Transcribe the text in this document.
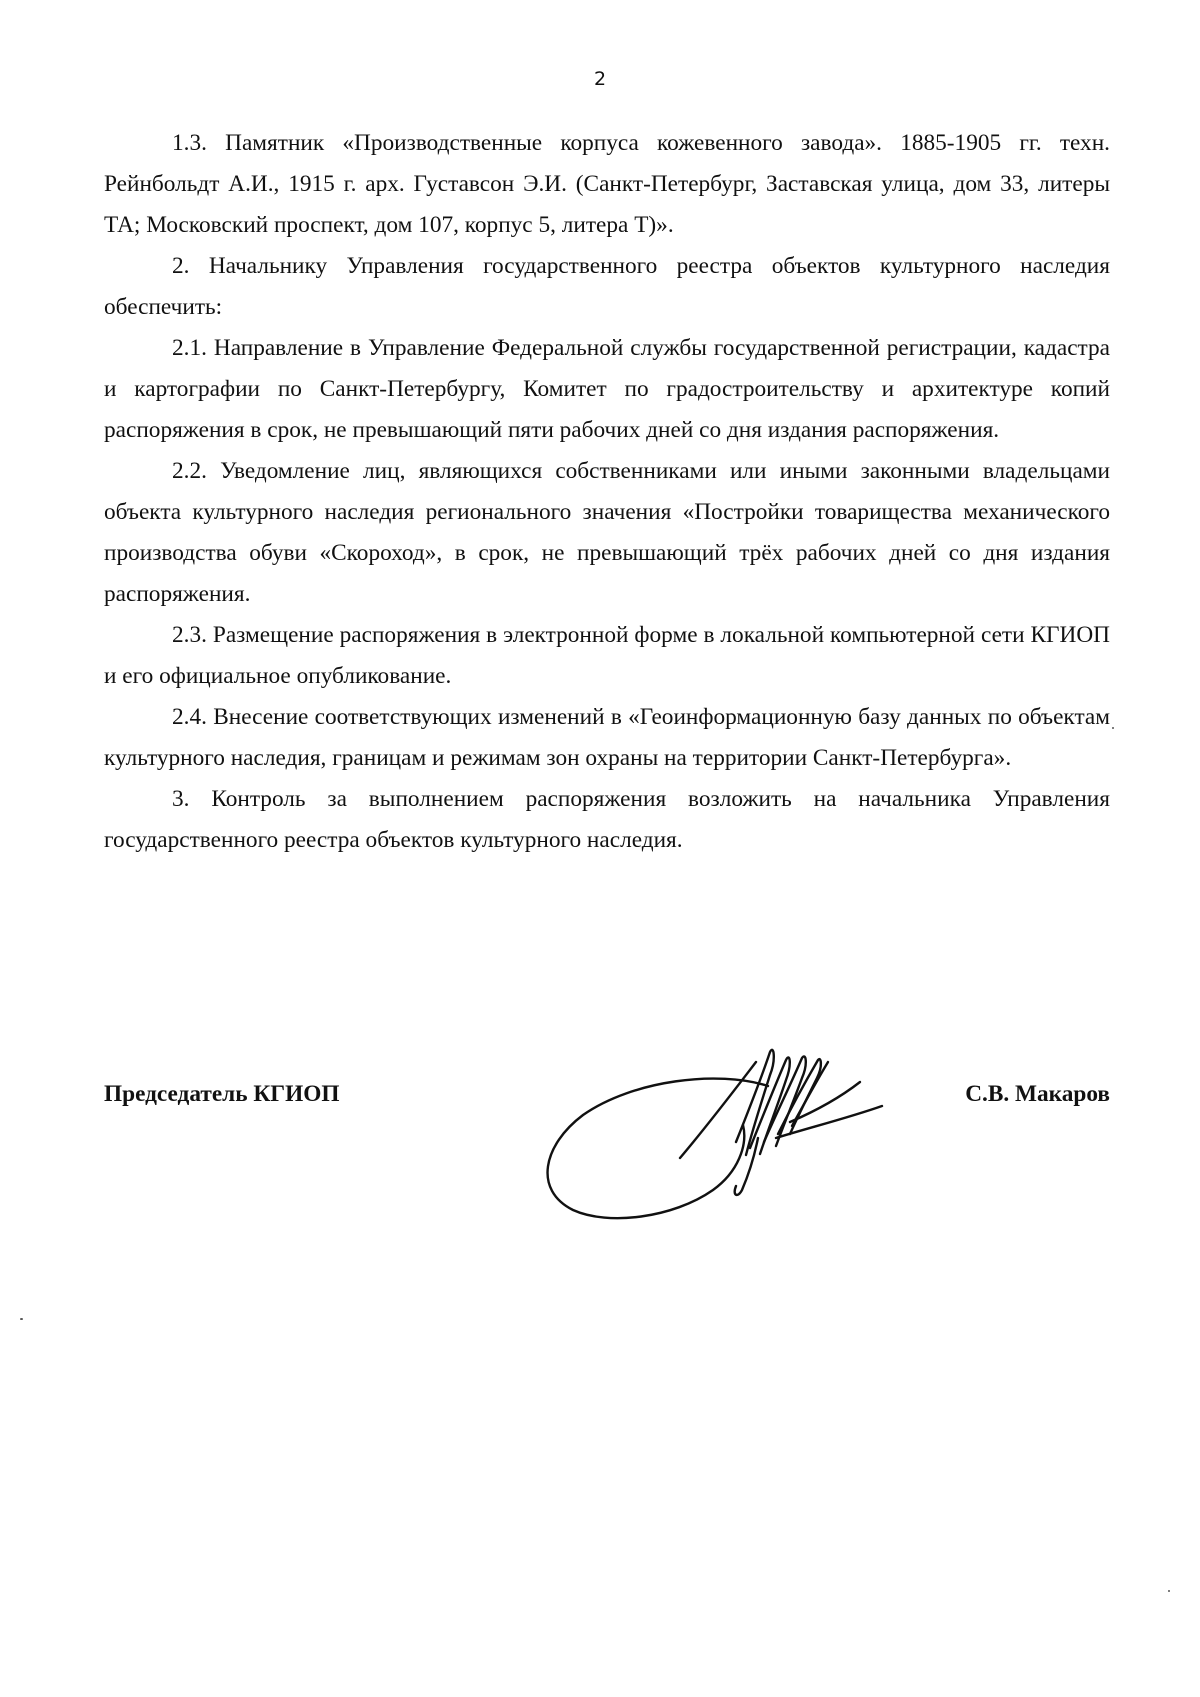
2

1.3. Памятник «Производственные корпуса кожевенного завода». 1885-1905 гг. техн. Рейнбольдт А.И., 1915 г. арх. Густавсон Э.И. (Санкт-Петербург, Заставская улица, дом 33, литеры ТА; Московский проспект, дом 107, корпус 5, литера Т)».

2. Начальнику Управления государственного реестра объектов культурного наследия обеспечить:

2.1. Направление в Управление Федеральной службы государственной регистрации, кадастра и картографии по Санкт-Петербургу, Комитет по градостроительству и архитектуре копий распоряжения в срок, не превышающий пяти рабочих дней со дня издания распоряжения.

2.2. Уведомление лиц, являющихся собственниками или иными законными владельцами объекта культурного наследия регионального значения «Постройки товарищества механического производства обуви «Скороход», в срок, не превышающий трёх рабочих дней со дня издания распоряжения.

2.3. Размещение распоряжения в электронной форме в локальной компьютерной сети КГИОП и его официальное опубликование.

2.4. Внесение соответствующих изменений в «Геоинформационную базу данных по объектам культурного наследия, границам и режимам зон охраны на территории Санкт-Петербурга».

3. Контроль за выполнением распоряжения возложить на начальника Управления государственного реестра объектов культурного наследия.

Председатель КГИОП	С.В. Макаров
